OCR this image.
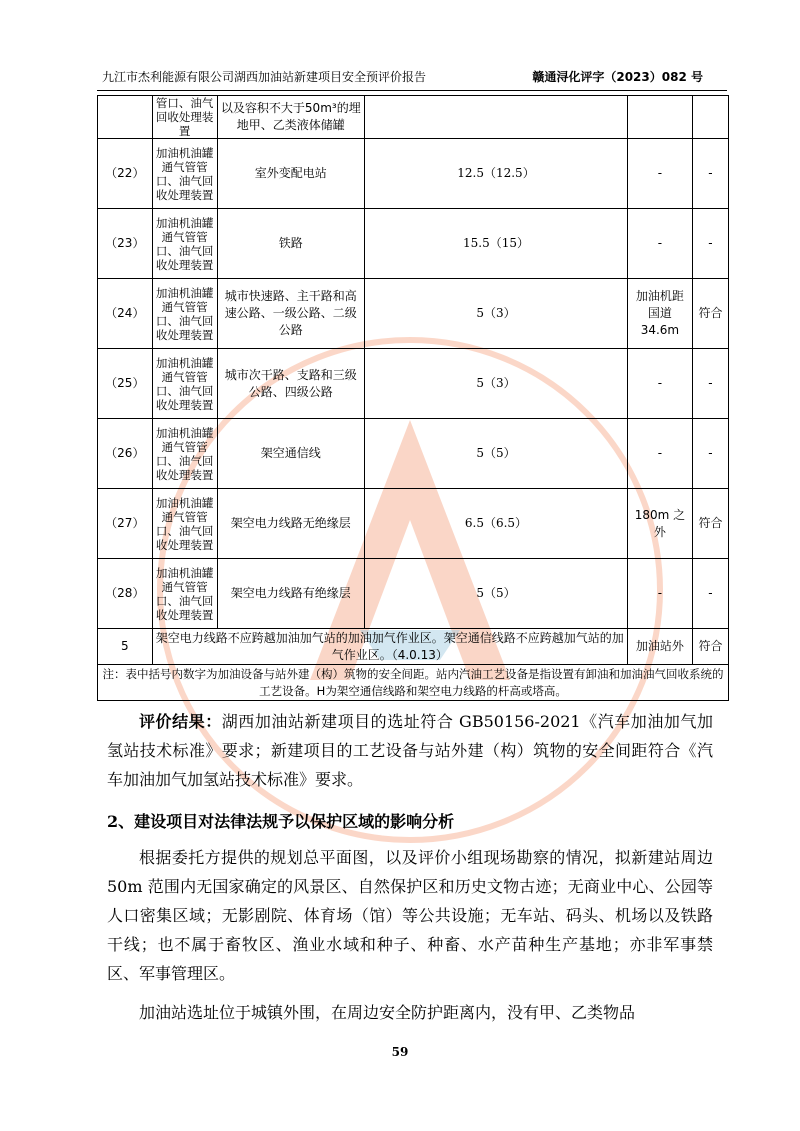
九江市杰利能源有限公司湖西加油站新建项目安全预评价报告	赣通浔化评字（2023）082 号
	管口、油气回收处理装置	以及容积不大于50m³的埋地甲、乙类液体储罐			
（22）	加油机油罐通气管管口、油气回收处理装置	室外变配电站	12.5（12.5）	-	-
（23）	加油机油罐通气管管口、油气回收处理装置	铁路	15.5（15）	-	-
（24）	加油机油罐通气管管口、油气回收处理装置	城市快速路、主干路和高速公路、一级公路、二级公路	5（3）	加油机距国道 34.6m	符合
（25）	加油机油罐通气管管口、油气回收处理装置	城市次干路、支路和三级公路、四级公路	5（3）	-	-
（26）	加油机油罐通气管管口、油气回收处理装置	架空通信线	5（5）	-	-
（27）	加油机油罐通气管管口、油气回收处理装置	架空电力线路无绝缘层	6.5（6.5）	180m 之外	符合
（28）	加油机油罐通气管管口、油气回收处理装置	架空电力线路有绝缘层	5（5）	-	-
5	架空电力线路不应跨越加油加气站的加油加气作业区。架空通信线路不应跨越加气站的加气作业区。（4.0.13）			加油站外	符合
注：表中括号内数字为加油设备与站外建（构）筑物的安全间距。站内汽油工艺设备是指设置有卸油和加油油气回收系统的工艺设备。H为架空通信线路和架空电力线路的杆高或塔高。					
评价结果：湖西加油站新建项目的选址符合 GB50156-2021《汽车加油加气加氢站技术标准》要求；新建项目的工艺设备与站外建（构）筑物的安全间距符合《汽车加油加气加氢站技术标准》要求。
2、建设项目对法律法规予以保护区域的影响分析
根据委托方提供的规划总平面图，以及评价小组现场勘察的情况，拟新建站周边 50m 范围内无国家确定的风景区、自然保护区和历史文物古迹；无商业中心、公园等人口密集区域；无影剧院、体育场（馆）等公共设施；无车站、码头、机场以及铁路干线；也不属于畜牧区、渔业水域和种子、种畜、水产苗种生产基地；亦非军事禁区、军事管理区。
加油站选址位于城镇外围，在周边安全防护距离内，没有甲、乙类物品
59
